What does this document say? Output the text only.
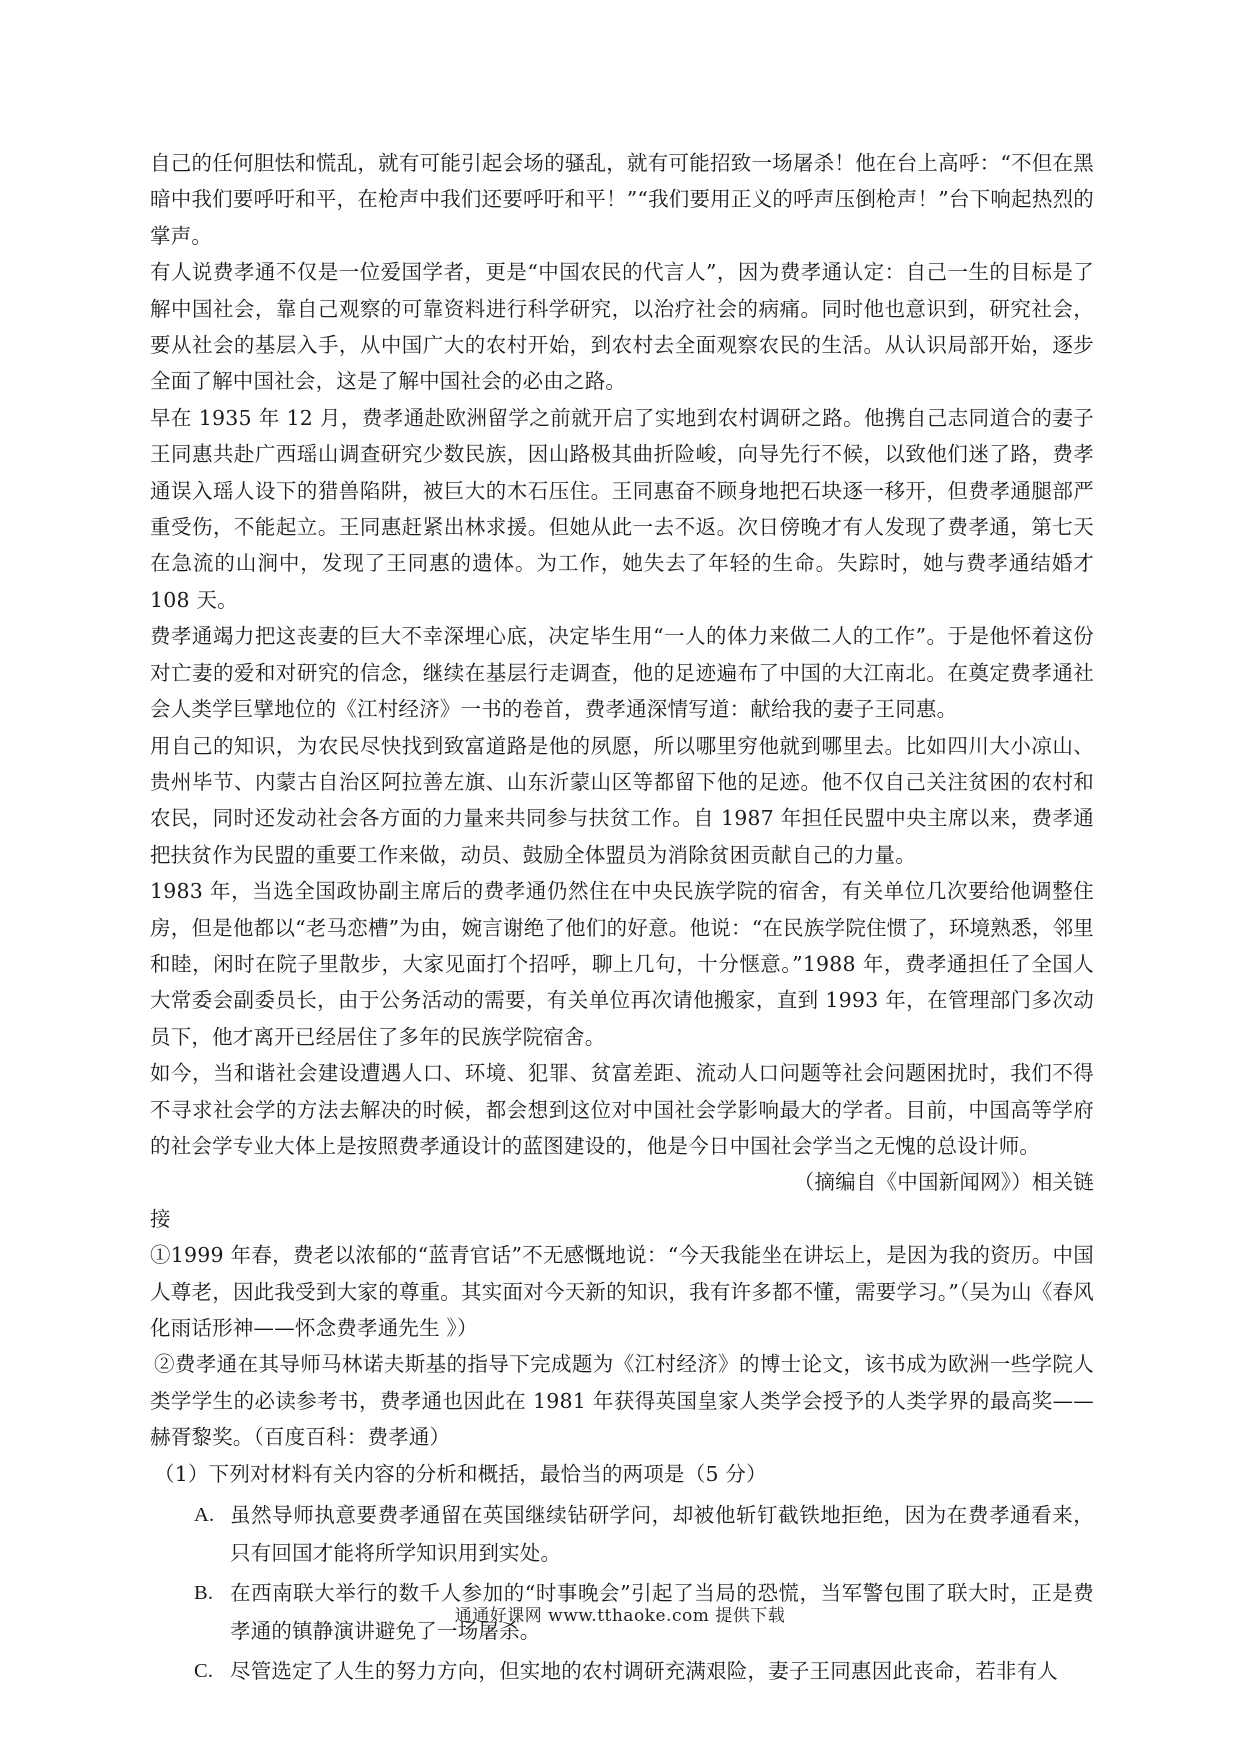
自己的任何胆怯和慌乱，就有可能引起会场的骚乱，就有可能招致一场屠杀！他在台上高呼：“不但在黑暗中我们要呼吁和平，在枪声中我们还要呼吁和平！”“我们要用正义的呼声压倒枪声！”台下响起热烈的掌声。

有人说费孝通不仅是一位爱国学者，更是“中国农民的代言人”，因为费孝通认定：自己一生的目标是了解中国社会，靠自己观察的可靠资料进行科学研究，以治疗社会的病痛。同时他也意识到，研究社会，要从社会的基层入手，从中国广大的农村开始，到农村去全面观察农民的生活。从认识局部开始，逐步全面了解中国社会，这是了解中国社会的必由之路。

早在 1935 年 12 月，费孝通赴欧洲留学之前就开启了实地到农村调研之路。他携自己志同道合的妻子王同惠共赴广西瑶山调查研究少数民族，因山路极其曲折险峻，向导先行不候，以致他们迷了路，费孝通误入瑶人设下的猎兽陷阱，被巨大的木石压住。王同惠奋不顾身地把石块逐一移开，但费孝通腿部严重受伤，不能起立。王同惠赶紧出林求援。但她从此一去不返。次日傍晚才有人发现了费孝通，第七天在急流的山涧中，发现了王同惠的遗体。为工作，她失去了年轻的生命。失踪时，她与费孝通结婚才 108 天。

费孝通竭力把这丧妻的巨大不幸深埋心底，决定毕生用“一人的体力来做二人的工作”。于是他怀着这份对亡妻的爱和对研究的信念，继续在基层行走调查，他的足迹遍布了中国的大江南北。在奠定费孝通社会人类学巨擘地位的《江村经济》一书的卷首，费孝通深情写道：献给我的妻子王同惠。

用自己的知识，为农民尽快找到致富道路是他的夙愿，所以哪里穷他就到哪里去。比如四川大小凉山、贵州毕节、内蒙古自治区阿拉善左旗、山东沂蒙山区等都留下他的足迹。他不仅自己关注贫困的农村和农民，同时还发动社会各方面的力量来共同参与扶贫工作。自 1987 年担任民盟中央主席以来，费孝通把扶贫作为民盟的重要工作来做，动员、鼓励全体盟员为消除贫困贡献自己的力量。

1983 年，当选全国政协副主席后的费孝通仍然住在中央民族学院的宿舍，有关单位几次要给他调整住房，但是他都以“老马恋槽”为由，婉言谢绝了他们的好意。他说：“在民族学院住惯了，环境熟悉，邻里和睦，闲时在院子里散步，大家见面打个招呼，聊上几句，十分惬意。”1988 年，费孝通担任了全国人大常委会副委员长，由于公务活动的需要，有关单位再次请他搬家，直到 1993 年，在管理部门多次动员下，他才离开已经居住了多年的民族学院宿舍。

如今，当和谐社会建设遭遇人口、环境、犯罪、贫富差距、流动人口问题等社会问题困扰时，我们不得不寻求社会学的方法去解决的时候，都会想到这位对中国社会学影响最大的学者。目前，中国高等学府的社会学专业大体上是按照费孝通设计的蓝图建设的，他是今日中国社会学当之无愧的总设计师。

（摘编自《中国新闻网》）相关链

接

①1999 年春，费老以浓郁的“蓝青官话”不无感慨地说：“今天我能坐在讲坛上，是因为我的资历。中国人尊老，因此我受到大家的尊重。其实面对今天新的知识，我有许多都不懂，需要学习。”（吴为山《春风化雨话形神——怀念费孝通先生 》）

②费孝通在其导师马林诺夫斯基的指导下完成题为《江村经济》的博士论文，该书成为欧洲一些学院人类学学生的必读参考书，费孝通也因此在 1981 年获得英国皇家人类学会授予的人类学界的最高奖——赫胥黎奖。（百度百科：费孝通）

（1）下列对材料有关内容的分析和概括，最恰当的两项是（5 分）

A. 虽然导师执意要费孝通留在英国继续钻研学问，却被他斩钉截铁地拒绝，因为在费孝通看来，只有回国才能将所学知识用到实处。
B. 在西南联大举行的数千人参加的“时事晚会”引起了当局的恐慌，当军警包围了联大时，正是费孝通的镇静演讲避免了一场屠杀。
C. 尽管选定了人生的努力方向，但实地的农村调研充满艰险，妻子王同惠因此丧命，若非有人
通通好课网 www.tthaoke.com 提供下载
